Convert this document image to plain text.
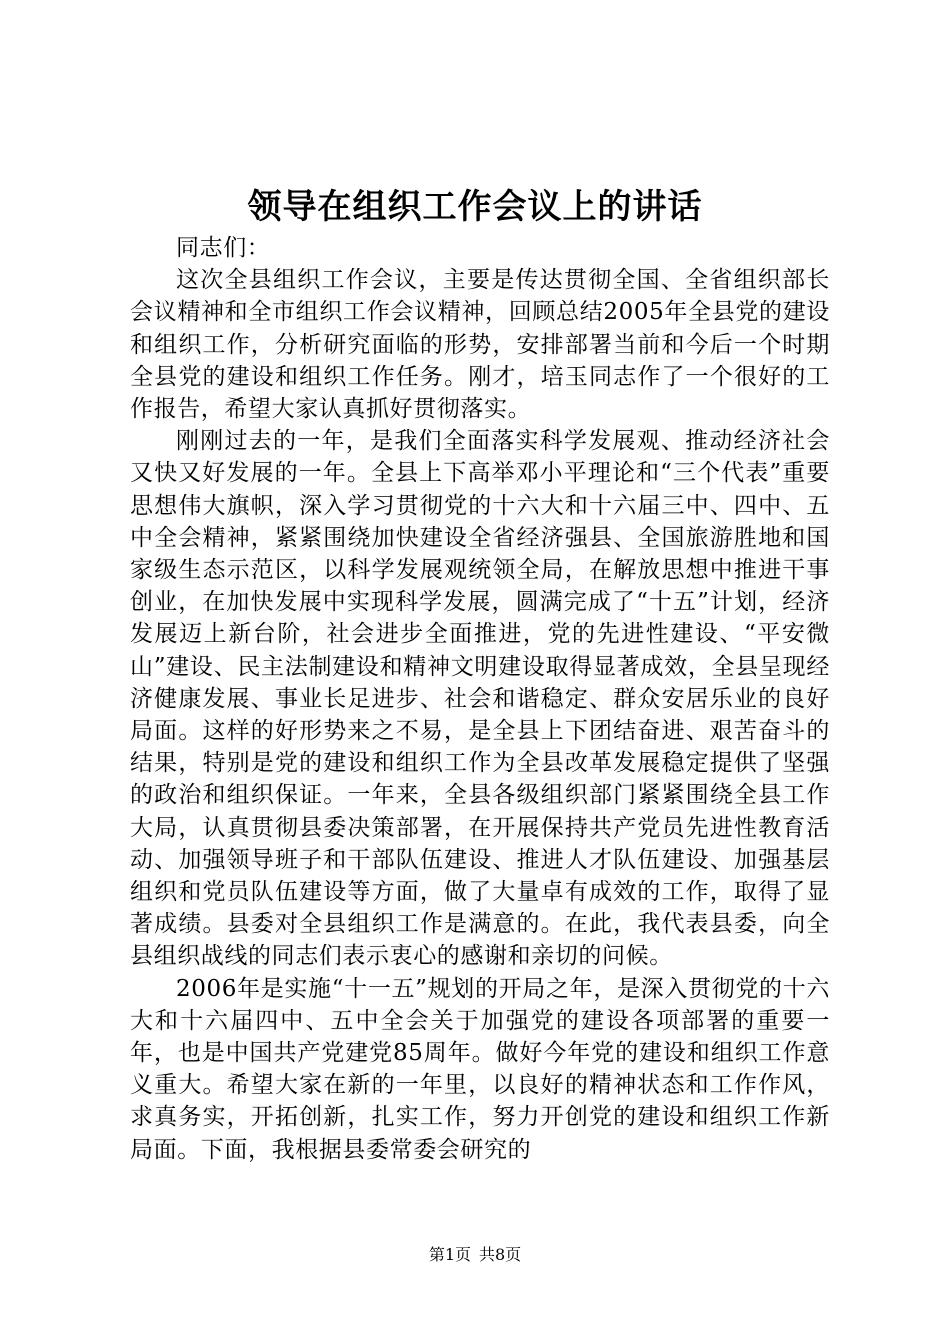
领导在组织工作会议上的讲话

同志们：

这次全县组织工作会议，主要是传达贯彻全国、全省组织部长会议精神和全市组织工作会议精神，回顾总结2005年全县党的建设和组织工作，分析研究面临的形势，安排部署当前和今后一个时期全县党的建设和组织工作任务。刚才，培玉同志作了一个很好的工作报告，希望大家认真抓好贯彻落实。

刚刚过去的一年，是我们全面落实科学发展观、推动经济社会又快又好发展的一年。全县上下高举邓小平理论和“三个代表”重要思想伟大旗帜，深入学习贯彻党的十六大和十六届三中、四中、五中全会精神，紧紧围绕加快建设全省经济强县、全国旅游胜地和国家级生态示范区，以科学发展观统领全局，在解放思想中推进干事创业，在加快发展中实现科学发展，圆满完成了“十五”计划，经济发展迈上新台阶，社会进步全面推进，党的先进性建设、“平安微山”建设、民主法制建设和精神文明建设取得显著成效，全县呈现经济健康发展、事业长足进步、社会和谐稳定、群众安居乐业的良好局面。这样的好形势来之不易，是全县上下团结奋进、艰苦奋斗的结果，特别是党的建设和组织工作为全县改革发展稳定提供了坚强的政治和组织保证。一年来，全县各级组织部门紧紧围绕全县工作大局，认真贯彻县委决策部署，在开展保持共产党员先进性教育活动、加强领导班子和干部队伍建设、推进人才队伍建设、加强基层组织和党员队伍建设等方面，做了大量卓有成效的工作，取得了显著成绩。县委对全县组织工作是满意的。在此，我代表县委，向全县组织战线的同志们表示衷心的感谢和亲切的问候。

2006年是实施“十一五”规划的开局之年，是深入贯彻党的十六大和十六届四中、五中全会关于加强党的建设各项部署的重要一年，也是中国共产党建党85周年。做好今年党的建设和组织工作意义重大。希望大家在新的一年里，以良好的精神状态和工作作风，求真务实，开拓创新，扎实工作，努力开创党的建设和组织工作新局面。下面，我根据县委常委会研究的

第1页 共8页
